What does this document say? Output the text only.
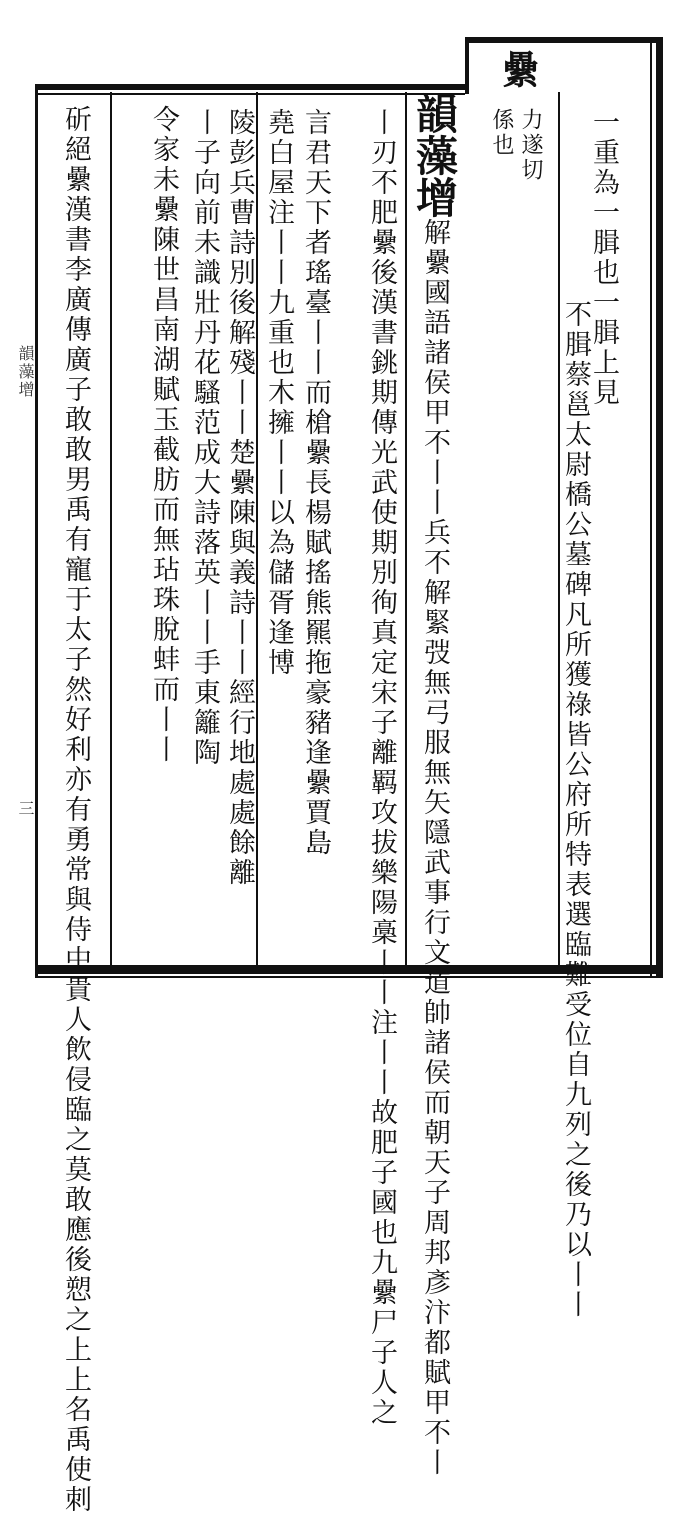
纍
力遂切
係也	一重為一䐕也一䐕上見
不䐕蔡邕太尉橋公墓碑凡所獲祿皆公府所特表選臨難受位自九列之後乃以丨丨
韻藻增解纍國語諸侯甲不丨丨兵不解緊弢無弓服無矢隱武事行文道帥諸侯而朝天子周邦彥汴都賦甲不丨
丨刃不肥纍後漢書銚期傳光武使期別徇真定宋子離羁攻拔樂陽槀丨丨注丨丨故肥子國也九纍尸子人之
言君天下者瑤臺丨丨而槍纍長楊賦搖熊羆拖豪豬逢纍賈島
堯白屋注丨丨九重也木擁丨丨以為儲胥逢博
陵彭兵曹詩別後解殘丨丨楚纍陳與義詩丨丨經行地處處餘離
丨子向前未識壯丹花騷范成大詩落英丨丨手東籬陶
令家未纍陳世昌南湖賦玉截肪而無玷珠脫蚌而丨丨
斫絕纍漢書李廣傳廣子敢敢男禹有寵于太子然好利亦有勇常與侍中貴人飲侵臨之莫敢應後愬之上上名禹使刺
韻藻增
三
